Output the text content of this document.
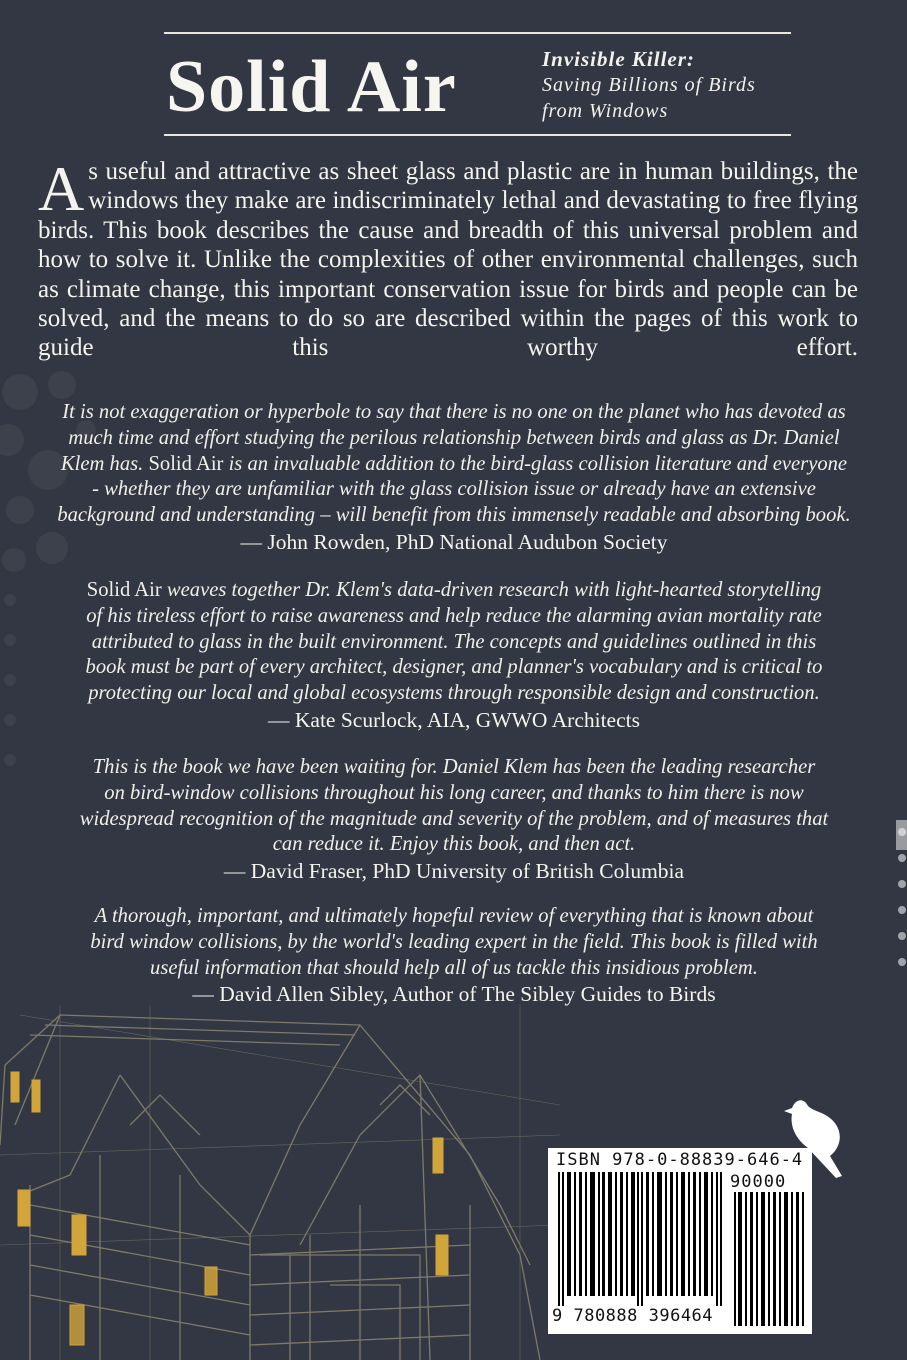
Solid Air	Invisible Killer:
Saving Billions of Birds
from Windows
As useful and attractive as sheet glass and plastic are in human buildings, the windows they make are indiscriminately lethal and devastating to free flying birds. This book describes the cause and breadth of this universal problem and how to solve it. Unlike the complexities of other environmental challenges, such as climate change, this important conservation issue for birds and people can be solved, and the means to do so are described within the pages of this work to guide this worthy effort.
It is not exaggeration or hyperbole to say that there is no one on the planet who has devoted as
much time and effort studying the perilous relationship between birds and glass as Dr. Daniel
Klem has. Solid Air is an invaluable addition to the bird-glass collision literature and everyone
- whether they are unfamiliar with the glass collision issue or already have an extensive
background and understanding – will benefit from this immensely readable and absorbing book.
— John Rowden, PhD National Audubon Society
Solid Air weaves together Dr. Klem's data-driven research with light-hearted storytelling
of his tireless effort to raise awareness and help reduce the alarming avian mortality rate
attributed to glass in the built environment. The concepts and guidelines outlined in this
book must be part of every architect, designer, and planner's vocabulary and is critical to
protecting our local and global ecosystems through responsible design and construction.
— Kate Scurlock, AIA, GWWO Architects
This is the book we have been waiting for. Daniel Klem has been the leading researcher
on bird-window collisions throughout his long career, and thanks to him there is now
widespread recognition of the magnitude and severity of the problem, and of measures that
can reduce it. Enjoy this book, and then act.
— David Fraser, PhD University of British Columbia
A thorough, important, and ultimately hopeful review of everything that is known about
bird window collisions, by the world's leading expert in the field. This book is filled with
useful information that should help all of us tackle this insidious problem.
— David Allen Sibley, Author of The Sibley Guides to Birds
ISBN 978-0-88839-646-4
90000
9 780888 396464
